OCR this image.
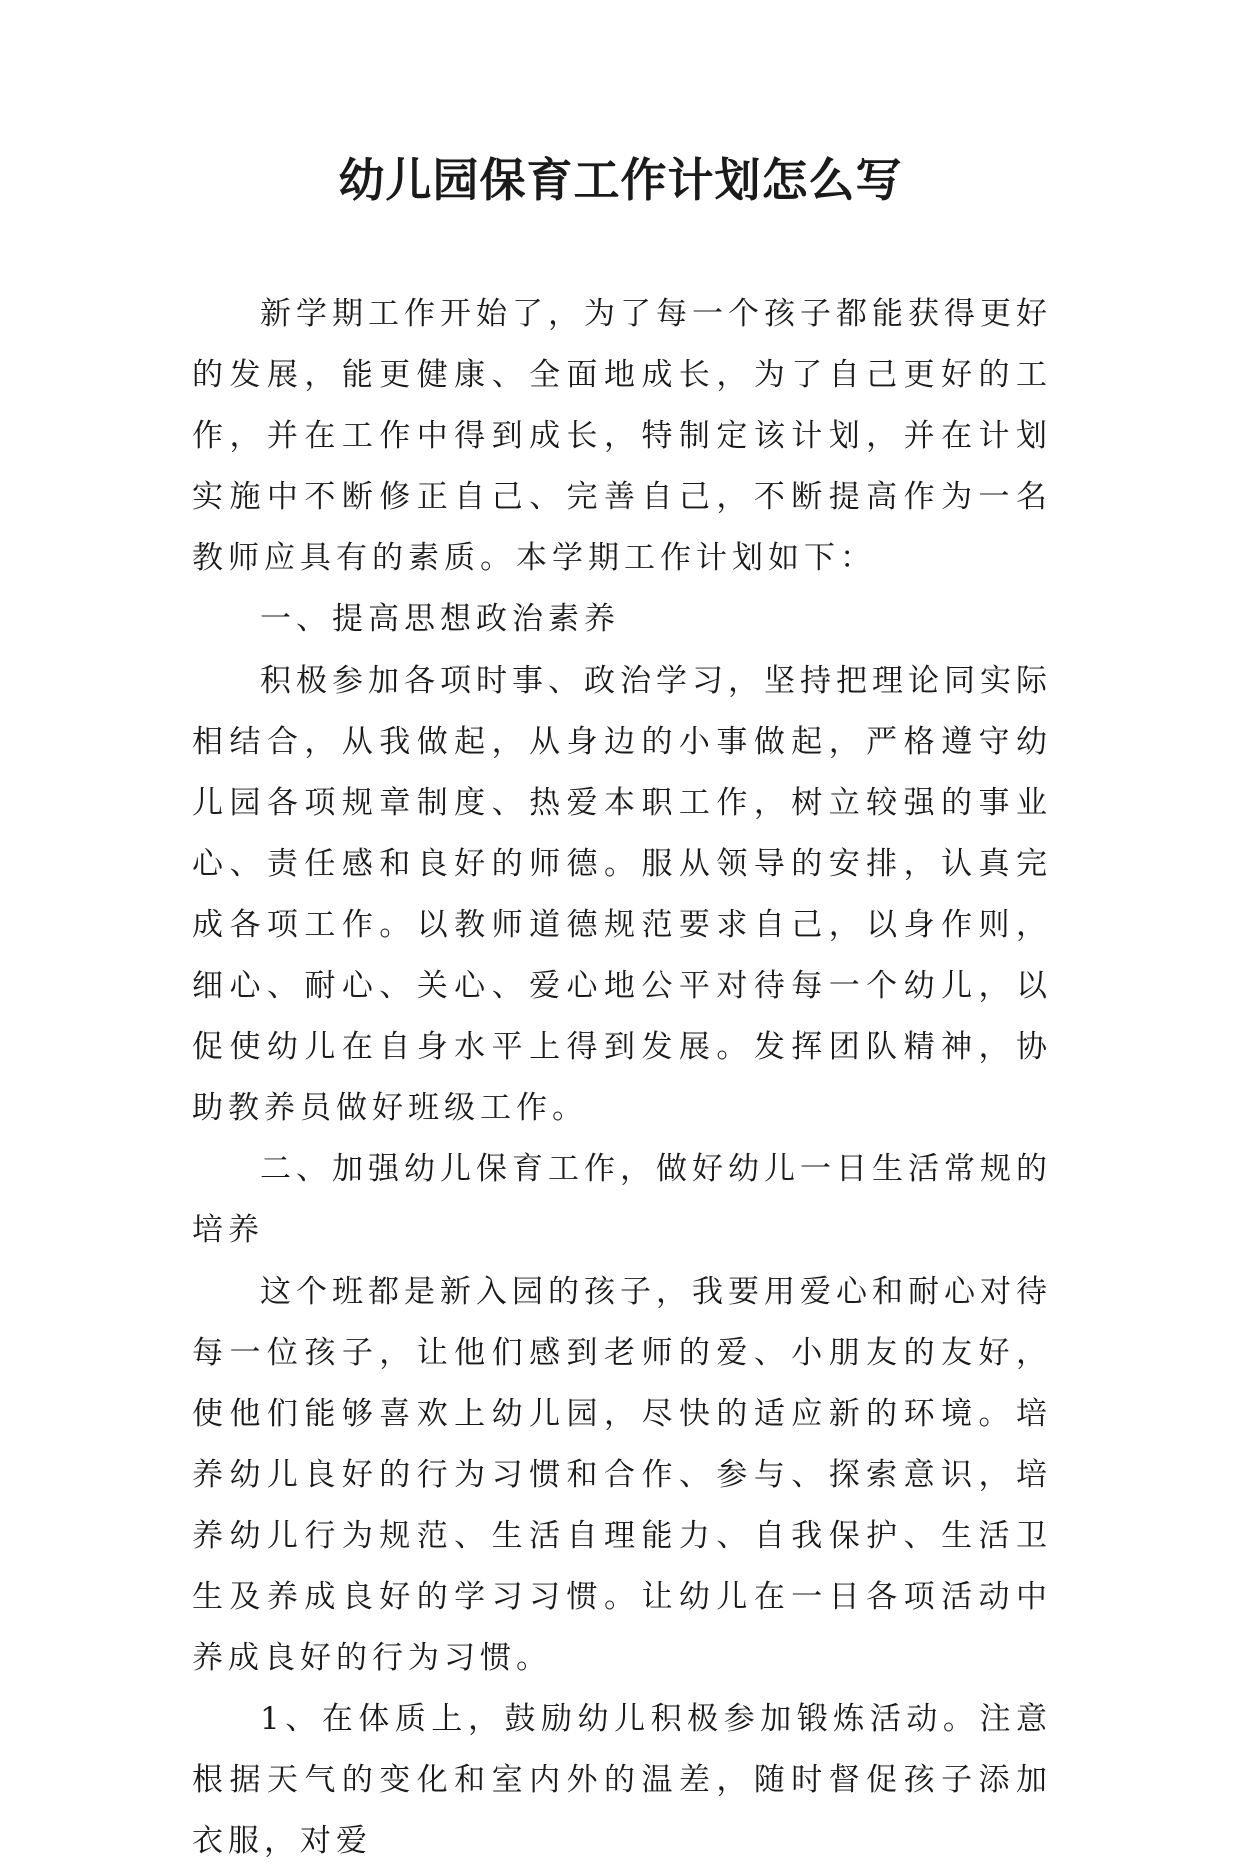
幼儿园保育工作计划怎么写

新学期工作开始了，为了每一个孩子都能获得更好的发展，能更健康、全面地成长，为了自己更好的工作，并在工作中得到成长，特制定该计划，并在计划实施中不断修正自己、完善自己，不断提高作为一名教师应具有的素质。本学期工作计划如下：

一、提高思想政治素养

积极参加各项时事、政治学习，坚持把理论同实际相结合，从我做起，从身边的小事做起，严格遵守幼儿园各项规章制度、热爱本职工作，树立较强的事业心、责任感和良好的师德。服从领导的安排，认真完成各项工作。以教师道德规范要求自己，以身作则，细心、耐心、关心、爱心地公平对待每一个幼儿，以促使幼儿在自身水平上得到发展。发挥团队精神，协助教养员做好班级工作。

二、加强幼儿保育工作，做好幼儿一日生活常规的培养

这个班都是新入园的孩子，我要用爱心和耐心对待每一位孩子，让他们感到老师的爱、小朋友的友好，使他们能够喜欢上幼儿园，尽快的适应新的环境。培养幼儿良好的行为习惯和合作、参与、探索意识，培养幼儿行为规范、生活自理能力、自我保护、生活卫生及养成良好的学习习惯。让幼儿在一日各项活动中养成良好的行为习惯。

1、在体质上，鼓励幼儿积极参加锻炼活动。注意根据天气的变化和室内外的温差，随时督促孩子添加衣服，对爱
